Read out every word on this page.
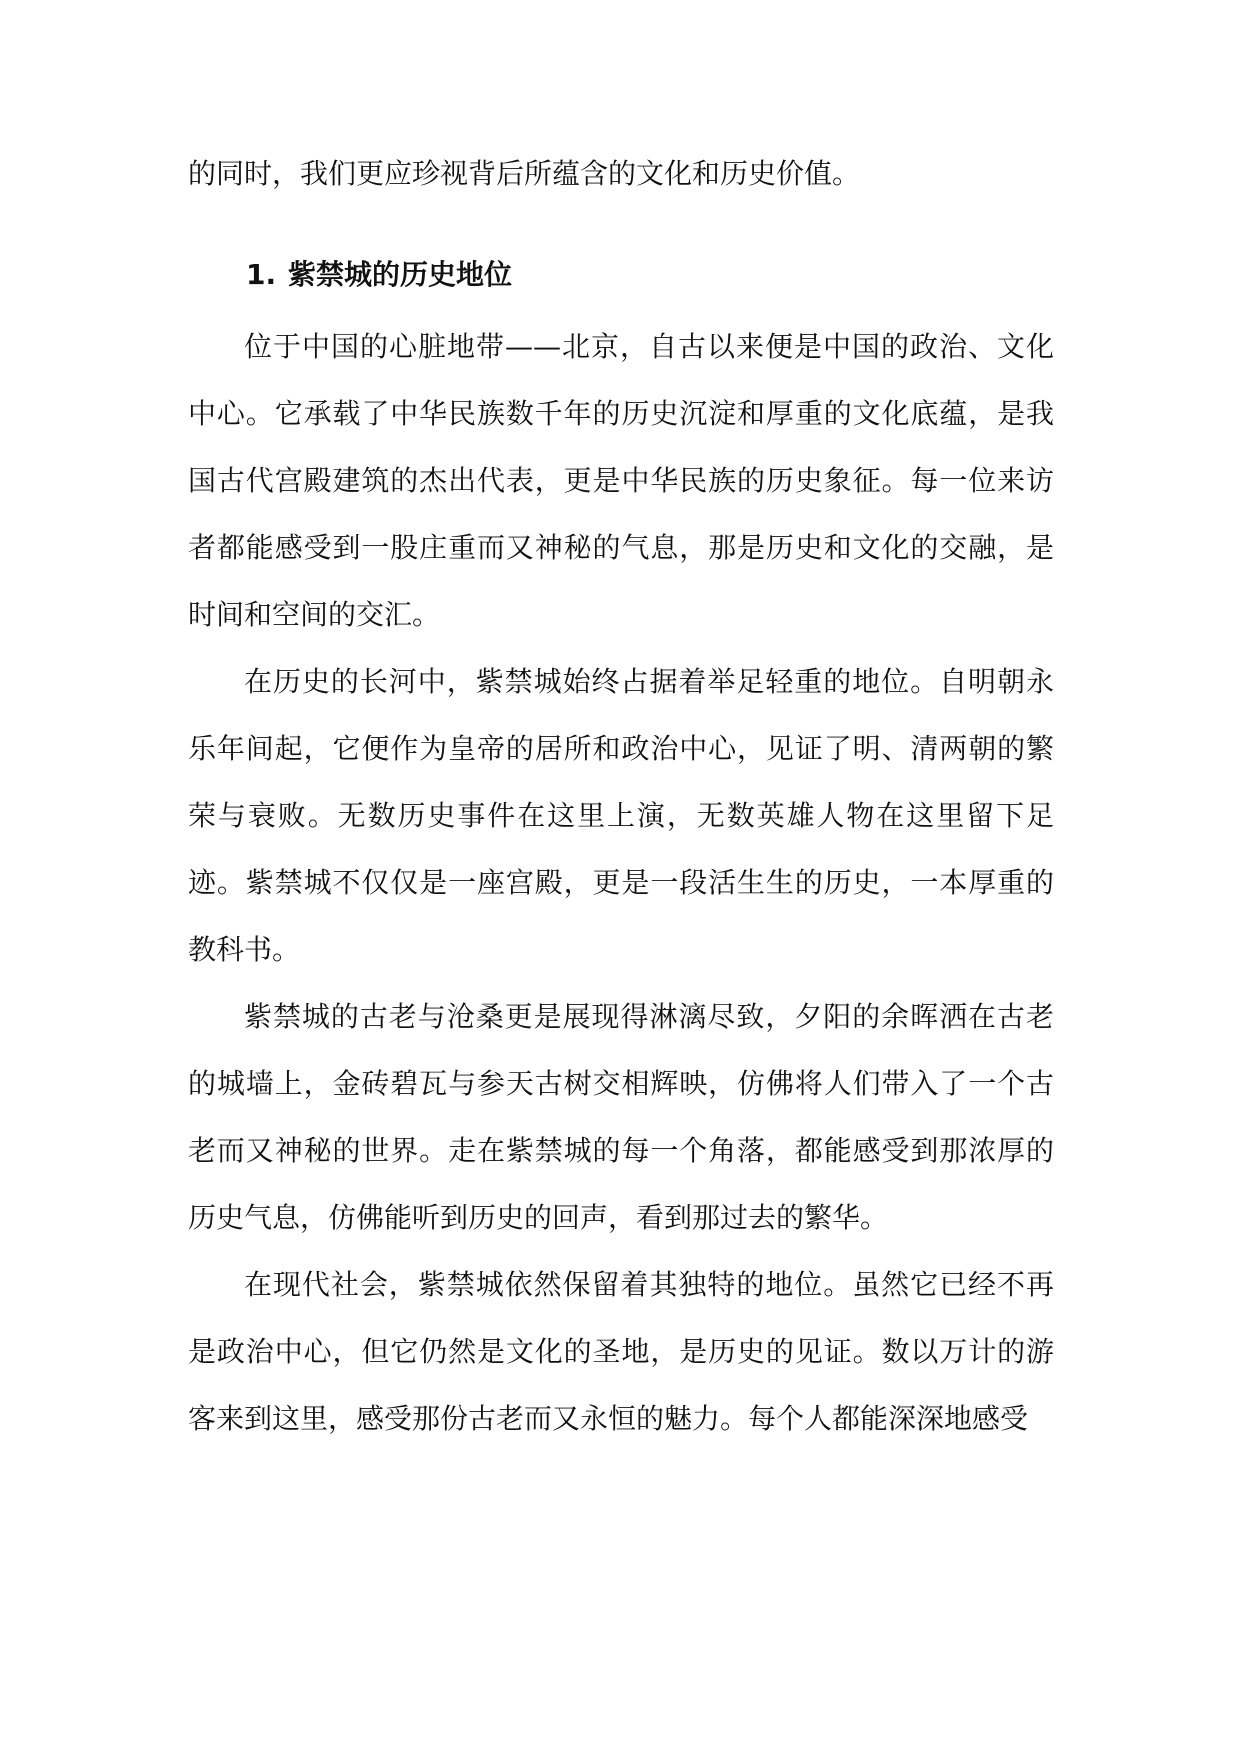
的同时，我们更应珍视背后所蕴含的文化和历史价值。

1. 紫禁城的历史地位

位于中国的心脏地带——北京，自古以来便是中国的政治、文化中心。它承载了中华民族数千年的历史沉淀和厚重的文化底蕴，是我国古代宫殿建筑的杰出代表，更是中华民族的历史象征。每一位来访者都能感受到一股庄重而又神秘的气息，那是历史和文化的交融，是时间和空间的交汇。

在历史的长河中，紫禁城始终占据着举足轻重的地位。自明朝永乐年间起，它便作为皇帝的居所和政治中心，见证了明、清两朝的繁荣与衰败。无数历史事件在这里上演，无数英雄人物在这里留下足迹。紫禁城不仅仅是一座宫殿，更是一段活生生的历史，一本厚重的教科书。

紫禁城的古老与沧桑更是展现得淋漓尽致，夕阳的余晖洒在古老的城墙上，金砖碧瓦与参天古树交相辉映，仿佛将人们带入了一个古老而又神秘的世界。走在紫禁城的每一个角落，都能感受到那浓厚的历史气息，仿佛能听到历史的回声，看到那过去的繁华。

在现代社会，紫禁城依然保留着其独特的地位。虽然它已经不再是政治中心，但它仍然是文化的圣地，是历史的见证。数以万计的游客来到这里，感受那份古老而又永恒的魅力。每个人都能深深地感受
